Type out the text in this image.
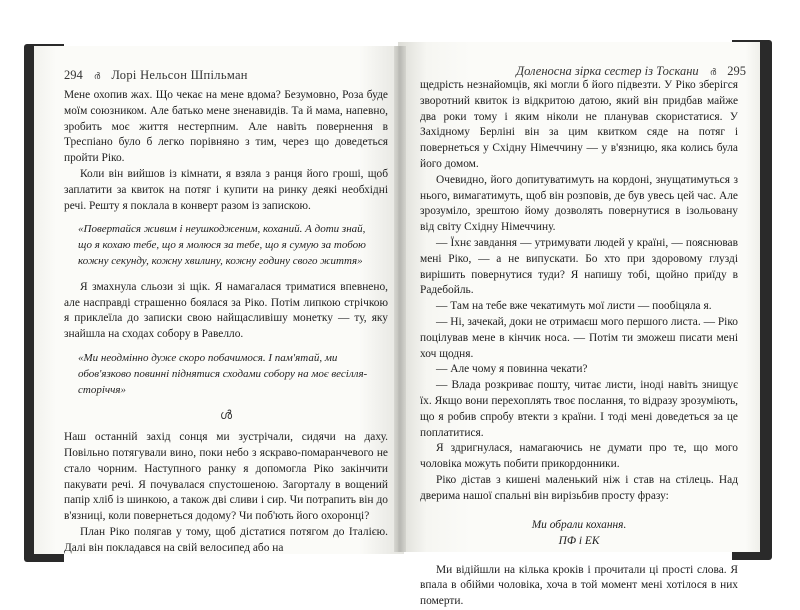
294 ർ Лорі Нельсон Шпільман

Мене охопив жах. Що чекає на мене вдома? Безумовно, Роза буде моїм союзником. Але батько мене зненавидів. Та й мама, напевно, зробить моє життя нестерпним. Але навіть повернення в Треспіано було б легко порівняно з тим, через що доведеться пройти Ріко.

Коли він вийшов із кімнати, я взяла з ранця його гроші, щоб заплатити за квиток на потяг і купити на ринку деякі необхідні речі. Решту я поклала в конверт разом із запискою.

«Повертайся живим і неушкодженим, коханий. А доти знай, що я кохаю тебе, що я молюся за тебе, що я сумую за тобою кожну секунду, кожну хвилину, кожну годину свого життя»

Я змахнула сльози зі щік. Я намагалася триматися впевнено, але насправді страшенно боялася за Ріко. Потім липкою стрічкою я приклеїла до записки свою найщасливішу монетку — ту, яку знайшла на сходах собору в Равелло.

«Ми неодмінно дуже скоро побачимося. І пам'ятай, ми обов'язково повинні піднятися сходами собору на моє весілля-сторіччя»

ൾ

Наш останній захід сонця ми зустрічали, сидячи на даху. Повільно потягували вино, поки небо з яскраво-помаранчевого не стало чорним. Наступного ранку я допомогла Ріко закінчити пакувати речі. Я почувалася спустошеною. Загорталу в вощений папір хліб із шинкою, а також дві сливи і сир. Чи потрапить він до в'язниці, коли повернеться додому? Чи поб'ють його охоронці?

План Ріко полягав у тому, щоб дістатися потягом до Італією. Далі він покладався на свій велосипед або на

Доленосна зірка сестер із Тоскани ർ 295

щедрість незнайомців, які могли б його підвезти. У Ріко зберігся зворотний квиток із відкритою датою, який він придбав майже два роки тому і яким ніколи не планував скористатися. У Західному Берліні він за цим квитком сяде на потяг і повернеться у Східну Німеччину — у в'язницю, яка колись була його домом.

Очевидно, його допитуватимуть на кордоні, знущатимуться з нього, вимагатимуть, щоб він розповів, де був увесь цей час. Але зрозуміло, зрештою йому дозволять повернутися в ізольовану від світу Східну Німеччину.

— Їхнє завдання — утримувати людей у країні, — пояснював мені Ріко, — а не випускати. Бо хто при здоровому глузді вирішить повернутися туди? Я напишу тобі, щойно приїду в Радебойль.

— Там на тебе вже чекатимуть мої листи — пообіцяла я.

— Ні, зачекай, доки не отримаєш мого першого листа. — Ріко поцілував мене в кінчик носа. — Потім ти зможеш писати мені хоч щодня.

— Але чому я повинна чекати?

— Влада розкриває пошту, читає листи, іноді навіть знищує їх. Якщо вони перехоплять твоє послання, то відразу зрозуміють, що я робив спробу втекти з країни. І тоді мені доведеться за це поплатитися.

Я здригнулася, намагаючись не думати про те, що мого чоловіка можуть побити прикордонники.

Ріко дістав з кишені маленький ніж і став на стілець. Над дверима нашої спальні він вирізьбив просту фразу:

Ми обрали кохання.
ПФ і ЕК

Ми відійшли на кілька кроків і прочитали ці прості слова. Я впала в обійми чоловіка, хоча в той момент мені хотілося в них померти.
